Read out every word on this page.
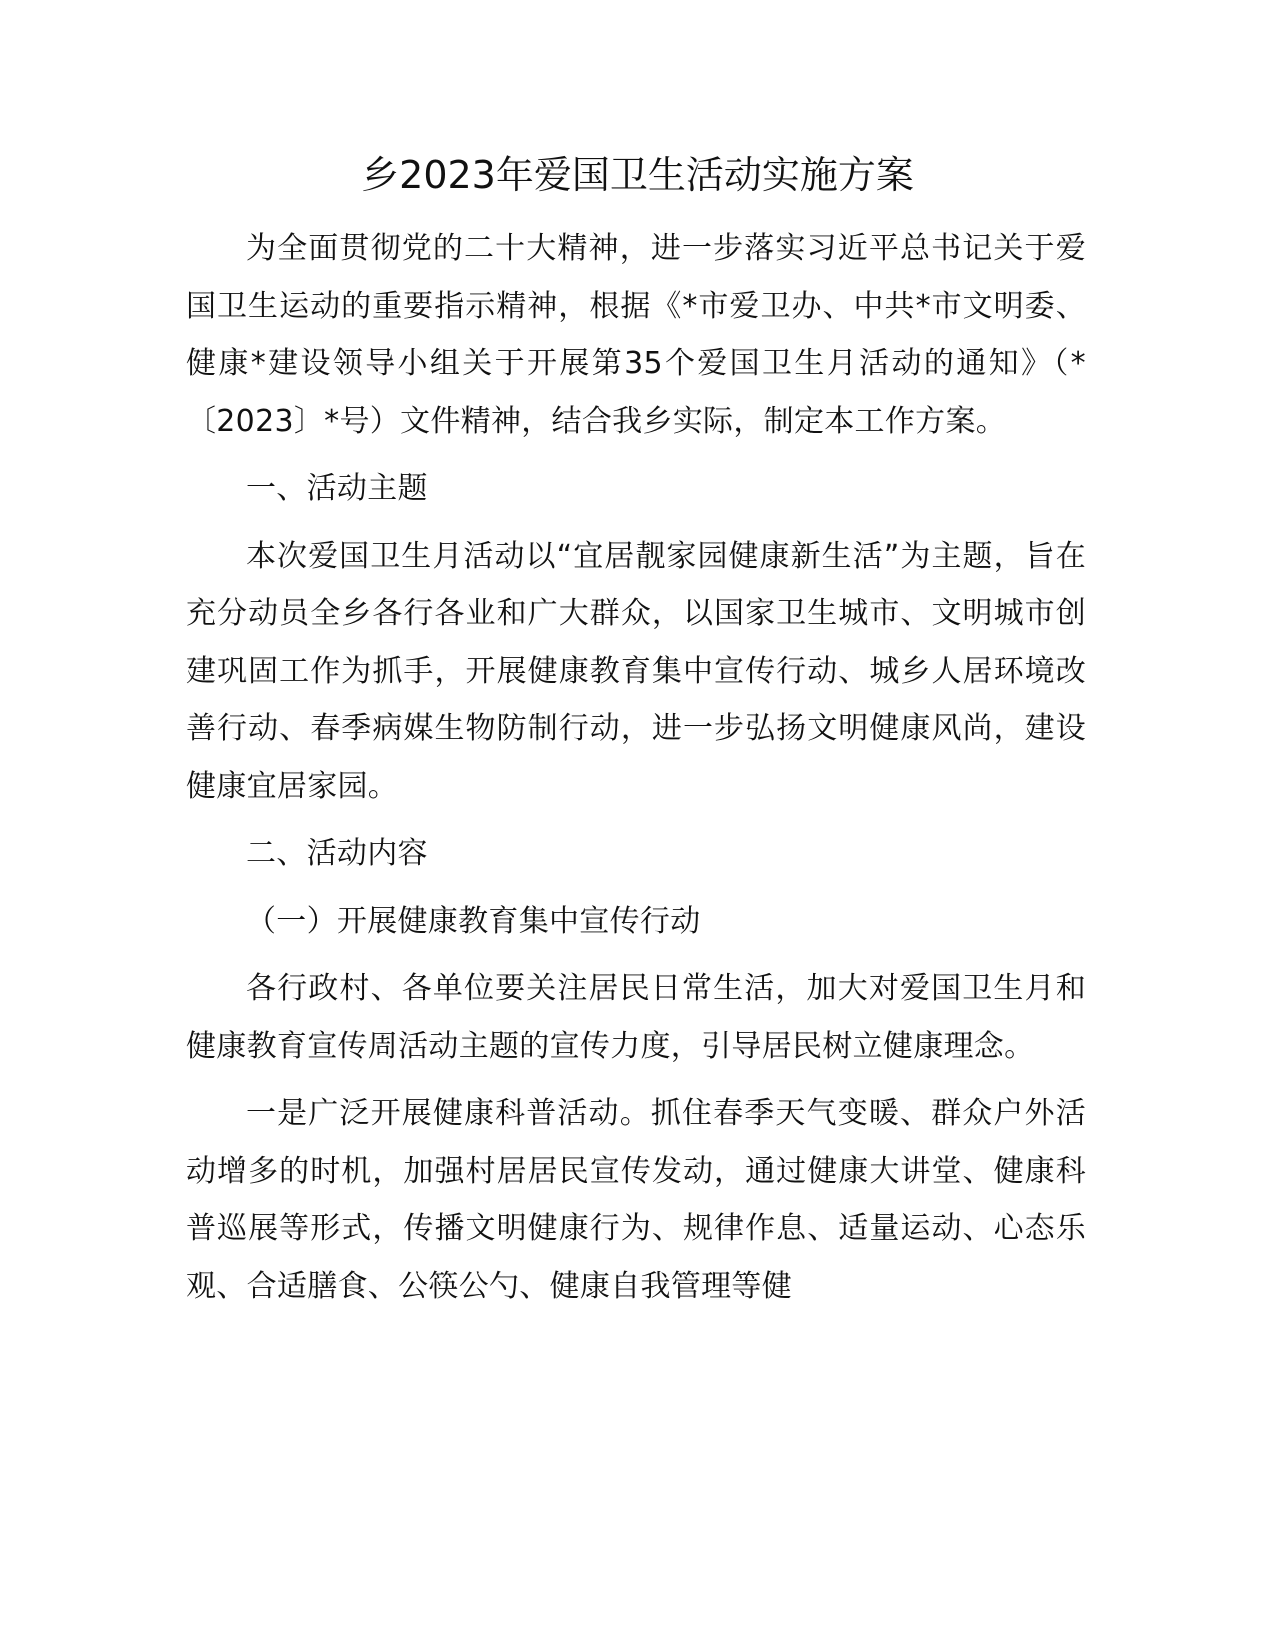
乡2023年爱国卫生活动实施方案

为全面贯彻党的二十大精神，进一步落实习近平总书记关于爱国卫生运动的重要指示精神，根据《*市爱卫办、中共*市文明委、健康*建设领导小组关于开展第35个爱国卫生月活动的通知》（*〔2023〕*号）文件精神，结合我乡实际，制定本工作方案。

一、活动主题

本次爱国卫生月活动以“宜居靓家园健康新生活”为主题，旨在充分动员全乡各行各业和广大群众，以国家卫生城市、文明城市创建巩固工作为抓手，开展健康教育集中宣传行动、城乡人居环境改善行动、春季病媒生物防制行动，进一步弘扬文明健康风尚，建设健康宜居家园。

二、活动内容

（一）开展健康教育集中宣传行动

各行政村、各单位要关注居民日常生活，加大对爱国卫生月和健康教育宣传周活动主题的宣传力度，引导居民树立健康理念。

一是广泛开展健康科普活动。抓住春季天气变暖、群众户外活动增多的时机，加强村居居民宣传发动，通过健康大讲堂、健康科普巡展等形式，传播文明健康行为、规律作息、适量运动、心态乐观、合适膳食、公筷公勺、健康自我管理等健
